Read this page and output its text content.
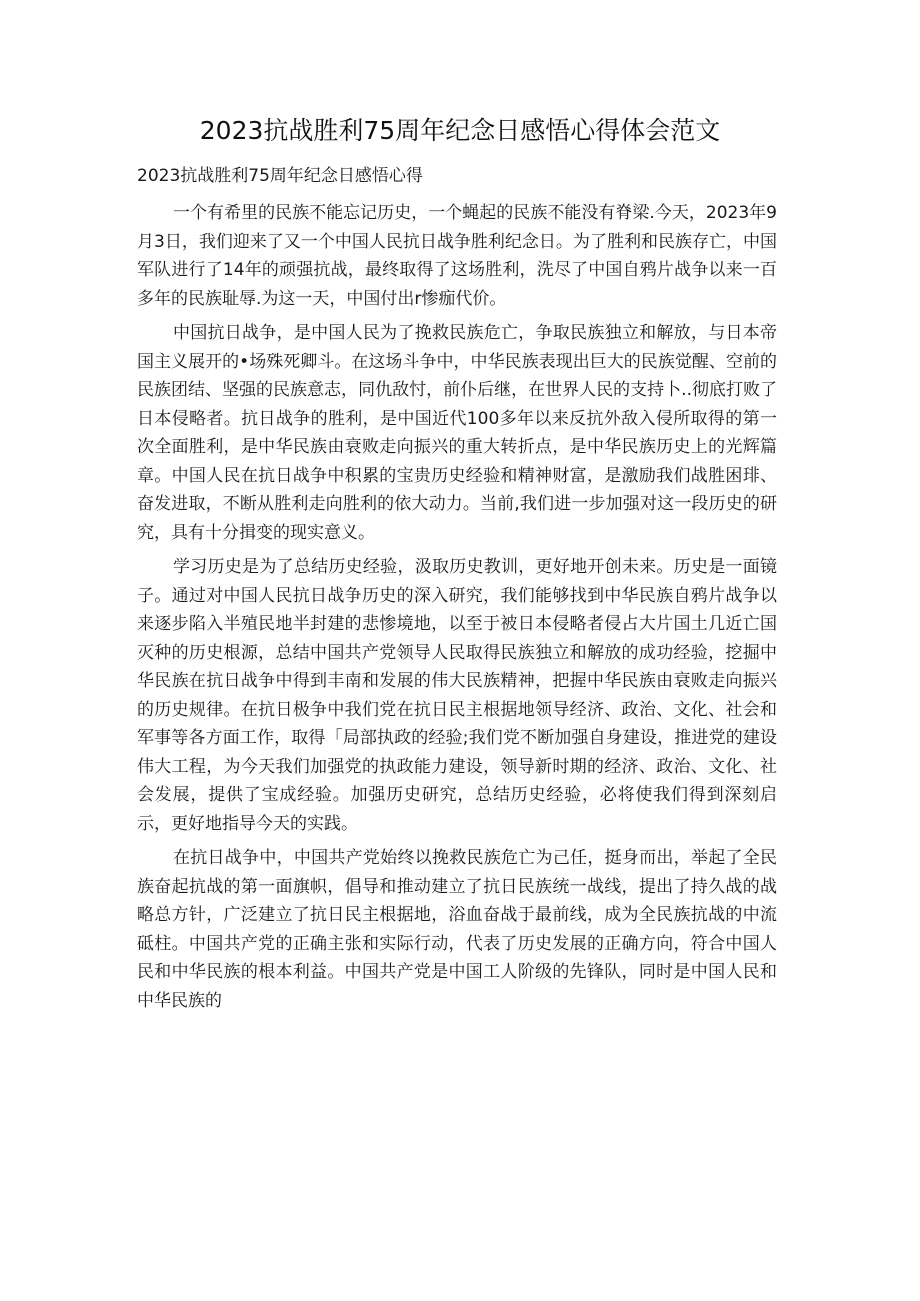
2023抗战胜利75周年纪念日感悟心得体会范文
2023抗战胜利75周年纪念日感悟心得

一个有希里的民族不能忘记历史，一个蝇起的民族不能没有脊梁.今天，2023年9月3日，我们迎来了又一个中国人民抗日战争胜利纪念日。为了胜利和民族存亡，中国军队进行了14年的顽强抗战，最终取得了这场胜利，洗尽了中国自鸦片战争以来一百多年的民族耻辱.为这一天，中国付出r惨痂代价。

中国抗日战争，是中国人民为了挽救民族危亡，争取民族独立和解放，与日本帝国主义展开的•场殊死卿斗。在这场斗争中，中华民族表现出巨大的民族觉醒、空前的民族团结、坚强的民族意志，同仇敌忖，前仆后继，在世界人民的支持卜..彻底打败了日本侵略者。抗日战争的胜利，是中国近代100多年以来反抗外敌入侵所取得的第一次全面胜利，是中华民族由衰败走向振兴的重大转折点，是中华民族历史上的光辉篇章。中国人民在抗日战争中积累的宝贵历史经验和精神财富，是激励我们战胜困琲、奋发进取，不断从胜利走向胜利的依大动力。当前,我们进一步加强对这一段历史的研究，具有十分揖变的现实意义。

学习历史是为了总结历史经验，汲取历史教训，更好地开创未来。历史是一面镜子。通过对中国人民抗日战争历史的深入研究，我们能够找到中华民族自鸦片战争以来逐步陷入半殖民地半封建的悲惨境地，以至于被日本侵略者侵占大片国土几近亡国灭种的历史根源，总结中国共产党领导人民取得民族独立和解放的成功经验，挖掘中华民族在抗日战争中得到丰南和发展的伟大民族精神，把握中华民族由衰败走向振兴的历史规律。在抗日极争中我们党在抗日民主根据地领导经济、政治、文化、社会和军事等各方面工作，取得「局部执政的经验;我们党不断加强自身建设，推进党的建设伟大工程，为今天我们加强党的执政能力建设，领导新时期的经济、政治、文化、社会发展，提供了宝成经验。加强历史研究，总结历史经验，必将使我们得到深刻启示，更好地指导今天的实践。

在抗日战争中，中国共产党始终以挽救民族危亡为己任，挺身而出，举起了全民族奋起抗战的第一面旗帜，倡导和推动建立了抗日民族统一战线，提出了持久战的战略总方针，广泛建立了抗日民主根据地，浴血奋战于最前线，成为全民族抗战的中流砥柱。中国共产党的正确主张和实际行动，代表了历史发展的正确方向，符合中国人民和中华民族的根本利益。中国共产党是中国工人阶级的先锋队，同时是中国人民和中华民族的
